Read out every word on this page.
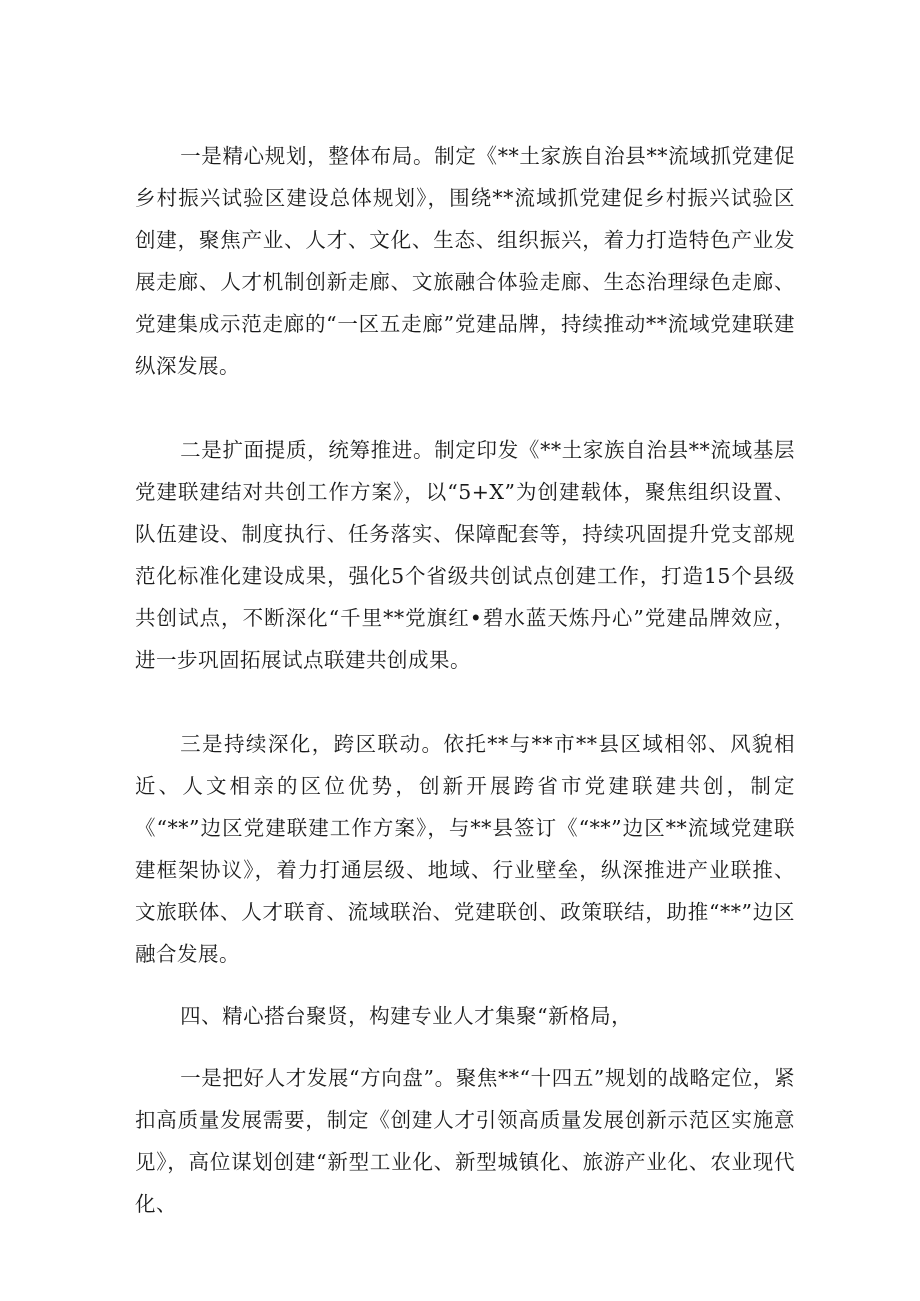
一是精心规划，整体布局。制定《**土家族自治县**流域抓党建促乡村振兴试验区建设总体规划》，围绕**流域抓党建促乡村振兴试验区创建，聚焦产业、人才、文化、生态、组织振兴，着力打造特色产业发展走廊、人才机制创新走廊、文旅融合体验走廊、生态治理绿色走廊、党建集成示范走廊的“一区五走廊”党建品牌，持续推动**流域党建联建纵深发展。

二是扩面提质，统筹推进。制定印发《**土家族自治县**流域基层党建联建结对共创工作方案》，以“5+X”为创建载体，聚焦组织设置、队伍建设、制度执行、任务落实、保障配套等，持续巩固提升党支部规范化标准化建设成果，强化5个省级共创试点创建工作，打造15个县级共创试点，不断深化“千里**党旗红•碧水蓝天炼丹心”党建品牌效应，进一步巩固拓展试点联建共创成果。

三是持续深化，跨区联动。依托**与**市**县区域相邻、风貌相近、人文相亲的区位优势，创新开展跨省市党建联建共创，制定《“**”边区党建联建工作方案》，与**县签订《“**”边区**流域党建联建框架协议》，着力打通层级、地域、行业壁垒，纵深推进产业联推、文旅联体、人才联育、流域联治、党建联创、政策联结，助推“**”边区融合发展。

四、精心搭台聚贤，构建专业人才集聚“新格局，

一是把好人才发展“方向盘”。聚焦**“十四五”规划的战略定位，紧扣高质量发展需要，制定《创建人才引领高质量发展创新示范区实施意见》，高位谋划创建“新型工业化、新型城镇化、旅游产业化、农业现代化、
